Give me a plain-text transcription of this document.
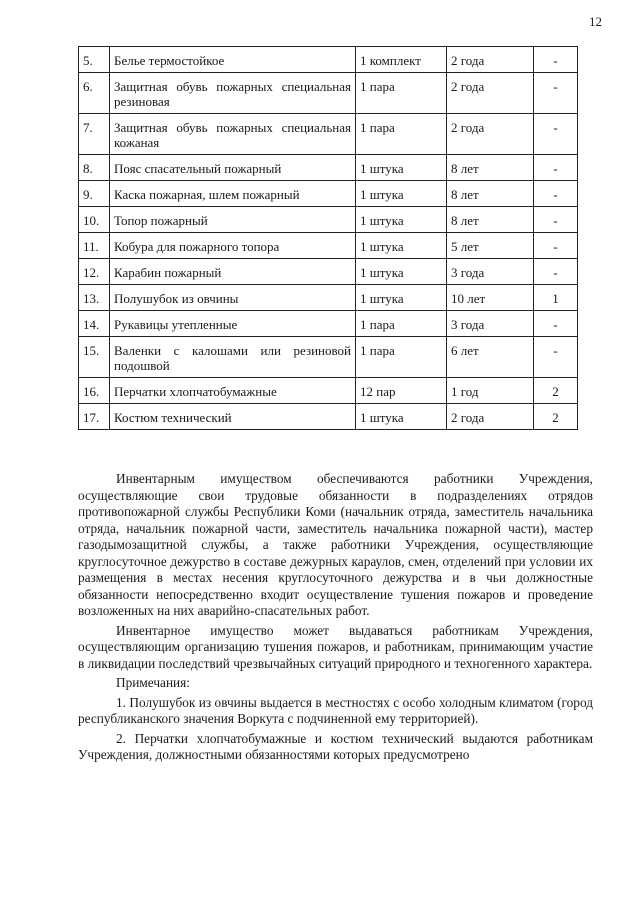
12
5.	Белье термостойкое	1 комплект	2 года	-
6.	Защитная обувь пожарных специальная резиновая	1 пара	2 года	-
7.	Защитная обувь пожарных специальная кожаная	1 пара	2 года	-
8.	Пояс спасательный пожарный	1 штука	8 лет	-
9.	Каска пожарная, шлем пожарный	1 штука	8 лет	-
10.	Топор пожарный	1 штука	8 лет	-
11.	Кобура для пожарного топора	1 штука	5 лет	-
12.	Карабин пожарный	1 штука	3 года	-
13.	Полушубок из овчины	1 штука	10 лет	1
14.	Рукавицы утепленные	1 пара	3 года	-
15.	Валенки с калошами или резиновой подошвой	1 пара	6 лет	-
16.	Перчатки хлопчатобумажные	12 пар	1 год	2
17.	Костюм технический	1 штука	2 года	2

Инвентарным имуществом обеспечиваются работники Учреждения, осуществляющие свои трудовые обязанности в подразделениях отрядов противопожарной службы Республики Коми (начальник отряда, заместитель начальника отряда, начальник пожарной части, заместитель начальника пожарной части), мастер газодымозащитной службы, а также работники Учреждения, осуществляющие круглосуточное дежурство в составе дежурных караулов, смен, отделений при условии их размещения в местах несения круглосуточного дежурства и в чьи должностные обязанности непосредственно входит осуществление тушения пожаров и проведение возложенных на них аварийно-спасательных работ.

Инвентарное имущество может выдаваться работникам Учреждения, осуществляющим организацию тушения пожаров, и работникам, принимающим участие в ликвидации последствий чрезвычайных ситуаций природного и техногенного характера.

Примечания:

1. Полушубок из овчины выдается в местностях с особо холодным климатом (город республиканского значения Воркута с подчиненной ему территорией).

2. Перчатки хлопчатобумажные и костюм технический выдаются работникам Учреждения, должностными обязанностями которых предусмотрено
